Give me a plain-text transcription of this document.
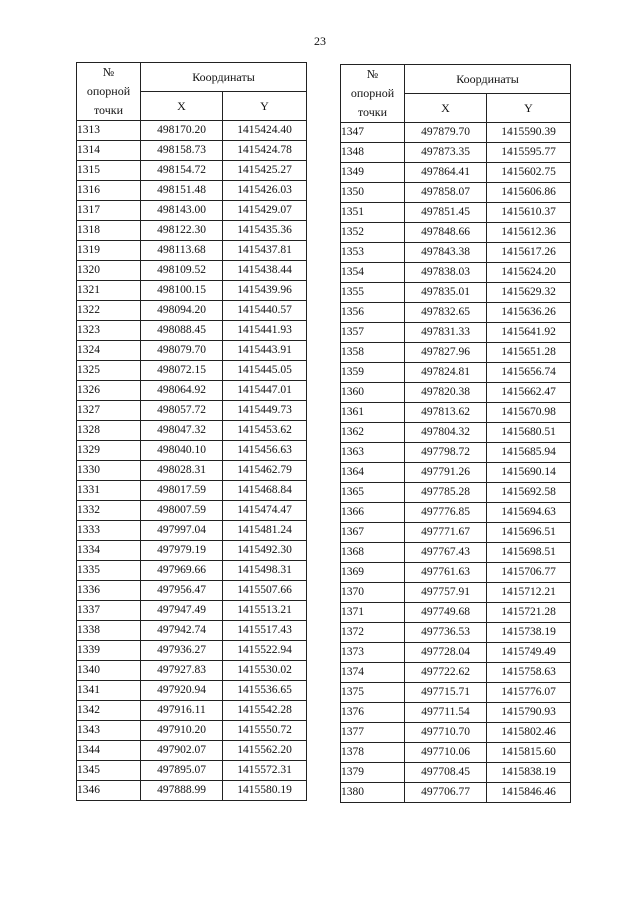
23
№
опорной
точки	Координаты	
	X	Y
1313	498170.20	1415424.40
1314	498158.73	1415424.78
1315	498154.72	1415425.27
1316	498151.48	1415426.03
1317	498143.00	1415429.07
1318	498122.30	1415435.36
1319	498113.68	1415437.81
1320	498109.52	1415438.44
1321	498100.15	1415439.96
1322	498094.20	1415440.57
1323	498088.45	1415441.93
1324	498079.70	1415443.91
1325	498072.15	1415445.05
1326	498064.92	1415447.01
1327	498057.72	1415449.73
1328	498047.32	1415453.62
1329	498040.10	1415456.63
1330	498028.31	1415462.79
1331	498017.59	1415468.84
1332	498007.59	1415474.47
1333	497997.04	1415481.24
1334	497979.19	1415492.30
1335	497969.66	1415498.31
1336	497956.47	1415507.66
1337	497947.49	1415513.21
1338	497942.74	1415517.43
1339	497936.27	1415522.94
1340	497927.83	1415530.02
1341	497920.94	1415536.65
1342	497916.11	1415542.28
1343	497910.20	1415550.72
1344	497902.07	1415562.20
1345	497895.07	1415572.31
1346	497888.99	1415580.19
№
опорной
точки	Координаты	
	X	Y
1347	497879.70	1415590.39
1348	497873.35	1415595.77
1349	497864.41	1415602.75
1350	497858.07	1415606.86
1351	497851.45	1415610.37
1352	497848.66	1415612.36
1353	497843.38	1415617.26
1354	497838.03	1415624.20
1355	497835.01	1415629.32
1356	497832.65	1415636.26
1357	497831.33	1415641.92
1358	497827.96	1415651.28
1359	497824.81	1415656.74
1360	497820.38	1415662.47
1361	497813.62	1415670.98
1362	497804.32	1415680.51
1363	497798.72	1415685.94
1364	497791.26	1415690.14
1365	497785.28	1415692.58
1366	497776.85	1415694.63
1367	497771.67	1415696.51
1368	497767.43	1415698.51
1369	497761.63	1415706.77
1370	497757.91	1415712.21
1371	497749.68	1415721.28
1372	497736.53	1415738.19
1373	497728.04	1415749.49
1374	497722.62	1415758.63
1375	497715.71	1415776.07
1376	497711.54	1415790.93
1377	497710.70	1415802.46
1378	497710.06	1415815.60
1379	497708.45	1415838.19
1380	497706.77	1415846.46
